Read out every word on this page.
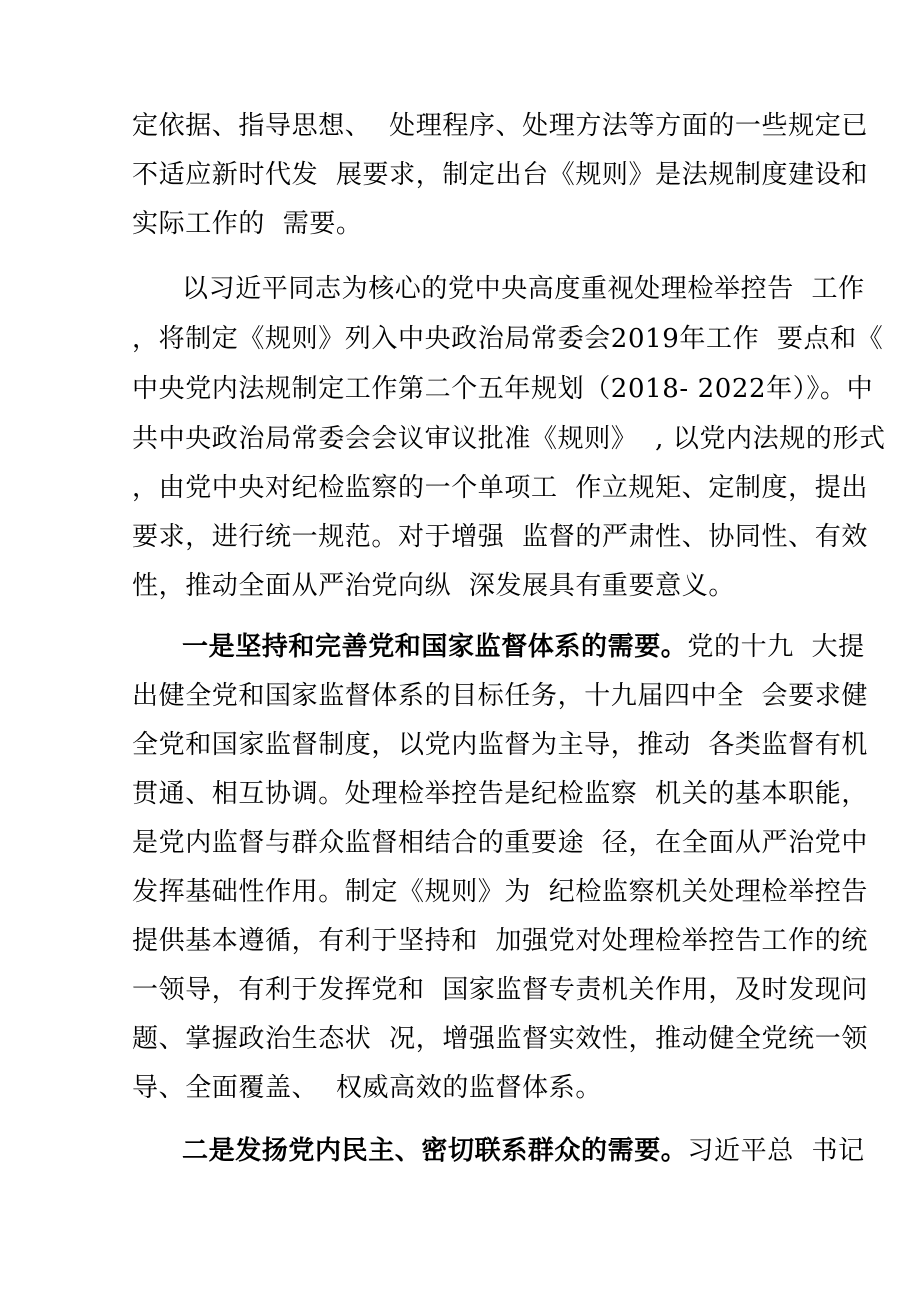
定依据、指导思想、  处理程序、处理方法等方面的一些规定已
不适应新时代发  展要求，制定出台《规则》是法规制度建设和
实际工作的  需要。
以习近平同志为核心的党中央高度重视处理检举控告  工作
，将制定《规则》列入中央政治局常委会2019年工作  要点和《
中央党内法规制定工作第二个五年规划（2018- 2022年）》。中
共中央政治局常委会会议审议批准《规则》  , 以党内法规的形式
，由党中央对纪检监察的一个单项工  作立规矩、定制度，提出
要求，进行统一规范。对于增强  监督的严肃性、协同性、有效
性，推动全面从严治党向纵  深发展具有重要意义。
一是坚持和完善党和国家监督体系的需要。党的十九  大提
出健全党和国家监督体系的目标任务，十九届四中全  会要求健
全党和国家监督制度，以党内监督为主导，推动  各类监督有机
贯通、相互协调。处理检举控告是纪检监察  机关的基本职能，
是党内监督与群众监督相结合的重要途  径，在全面从严治党中
发挥基础性作用。制定《规则》为  纪检监察机关处理检举控告
提供基本遵循，有利于坚持和  加强党对处理检举控告工作的统
一领导，有利于发挥党和  国家监督专责机关作用，及时发现问
题、掌握政治生态状  况，增强监督实效性，推动健全党统一领
导、全面覆盖、  权威高效的监督体系。
二是发扬党内民主、密切联系群众的需要。习近平总  书记
